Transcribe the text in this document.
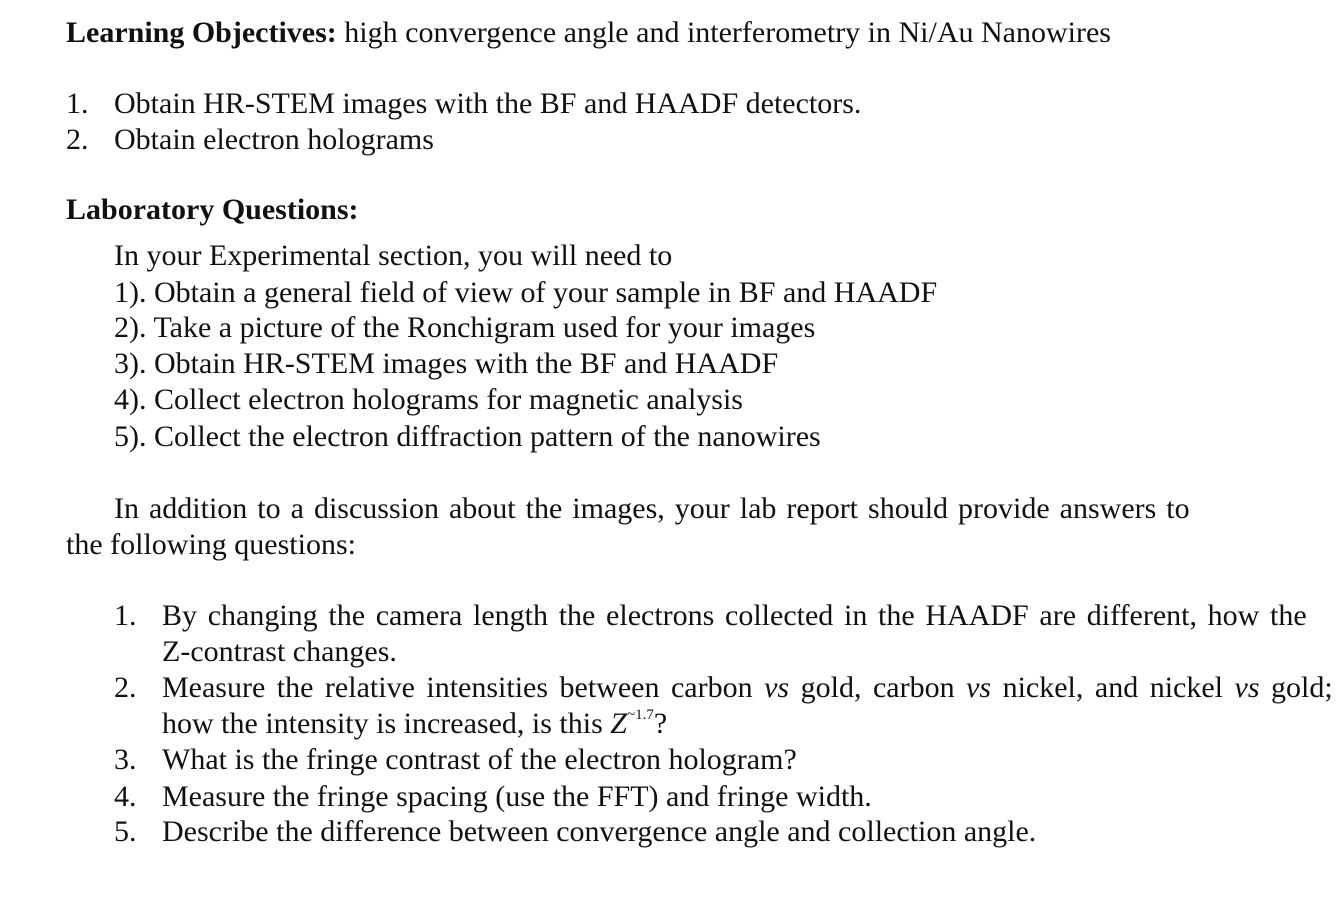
Learning Objectives: high convergence angle and interferometry in Ni/Au Nanowires
1. Obtain HR-STEM images with the BF and HAADF detectors.
2. Obtain electron holograms
Laboratory Questions:
In your Experimental section, you will need to
1). Obtain a general field of view of your sample in BF and HAADF
2). Take a picture of the Ronchigram used for your images
3). Obtain HR-STEM images with the BF and HAADF
4). Collect electron holograms for magnetic analysis
5). Collect the electron diffraction pattern of the nanowires
In addition to a discussion about the images, your lab report should provide answers to
the following questions:
1. By changing the camera length the electrons collected in the HAADF are different, how the
Z-contrast changes.
2. Measure the relative intensities between carbon vs gold, carbon vs nickel, and nickel vs gold;
how the intensity is increased, is this $Z^{\sim 1.7}$?
3. What is the fringe contrast of the electron hologram?
4. Measure the fringe spacing (use the FFT) and fringe width.
5. Describe the difference between convergence angle and collection angle.
